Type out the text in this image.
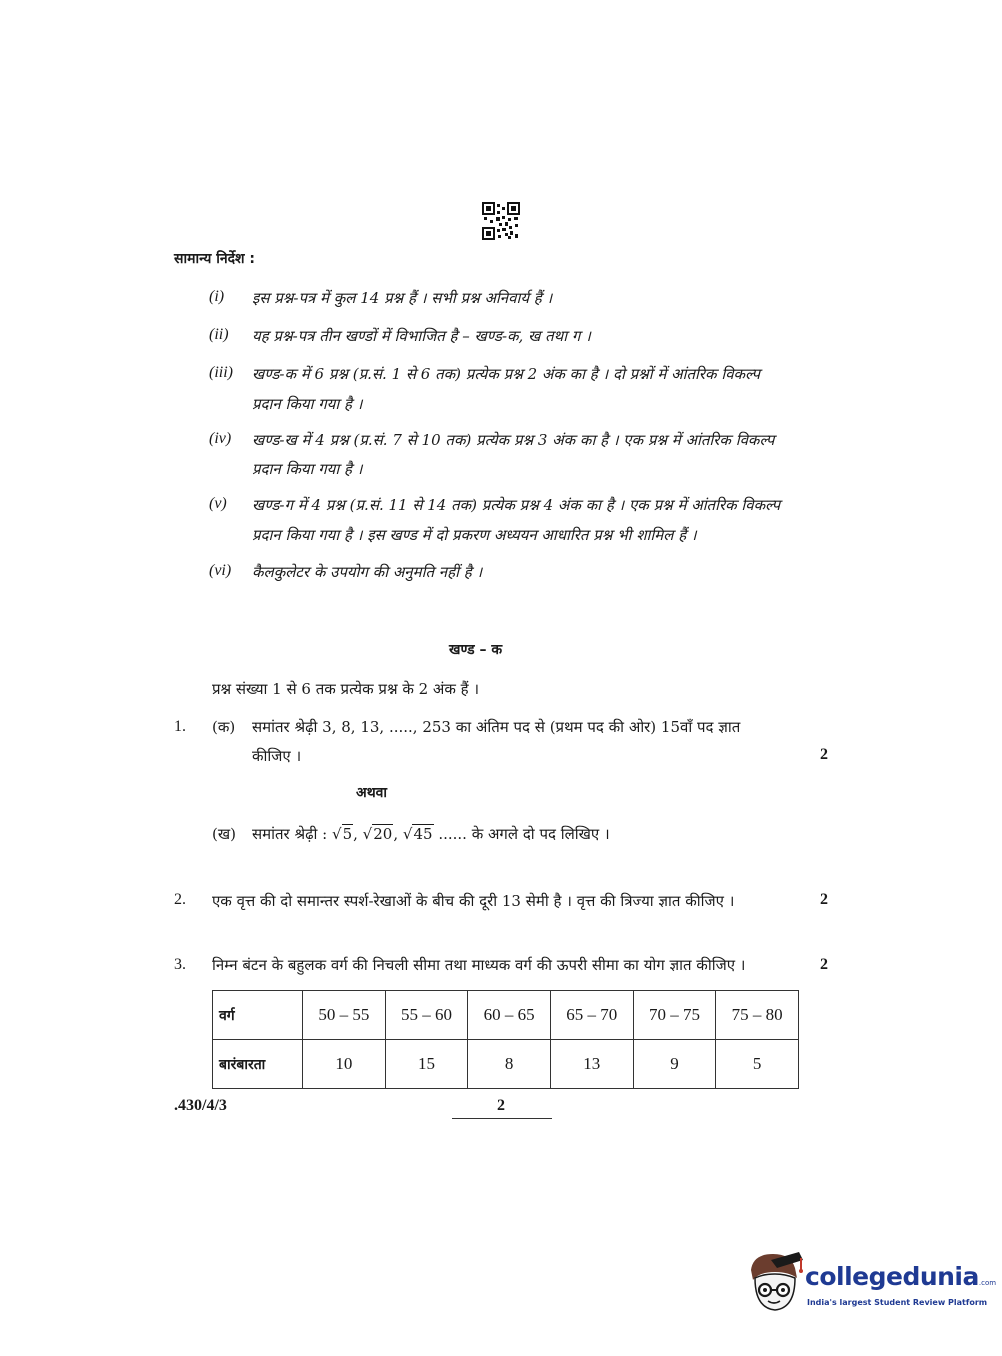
सामान्य निर्देश :
(i) इस प्रश्न-पत्र में कुल 14 प्रश्न हैं । सभी प्रश्न अनिवार्य हैं ।
(ii) यह प्रश्न-पत्र तीन खण्डों में विभाजित है – खण्ड-क, ख तथा ग ।
(iii) खण्ड-क में 6 प्रश्न (प्र.सं. 1 से 6 तक) प्रत्येक प्रश्न 2 अंक का है । दो प्रश्नों में आंतरिक विकल्प
प्रदान किया गया है ।
(iv) खण्ड-ख में 4 प्रश्न (प्र.सं. 7 से 10 तक) प्रत्येक प्रश्न 3 अंक का है । एक प्रश्न में आंतरिक विकल्प
प्रदान किया गया है ।
(v) खण्ड-ग में 4 प्रश्न (प्र.सं. 11 से 14 तक) प्रत्येक प्रश्न 4 अंक का है । एक प्रश्न में आंतरिक विकल्प
प्रदान किया गया है । इस खण्ड में दो प्रकरण अध्ययन आधारित प्रश्न भी शामिल हैं ।
(vi) कैलकुलेटर के उपयोग की अनुमति नहीं है ।
खण्ड – क
प्रश्न संख्या 1 से 6 तक प्रत्येक प्रश्न के 2 अंक हैं ।
1. (क) समांतर श्रेढ़ी 3, 8, 13, ....., 253 का अंतिम पद से (प्रथम पद की ओर) 15वाँ पद ज्ञात
कीजिए ।	2
अथवा
(ख) समांतर श्रेढ़ी : √5, √20, √45 ...... के अगले दो पद लिखिए ।
2. एक वृत्त की दो समान्तर स्पर्श-रेखाओं के बीच की दूरी 13 सेमी है । वृत्त की त्रिज्या ज्ञात कीजिए ।	2
3. निम्न बंटन के बहुलक वर्ग की निचली सीमा तथा माध्यक वर्ग की ऊपरी सीमा का योग ज्ञात कीजिए ।	2
वर्ग	50 – 55	55 – 60	60 – 65	65 – 70	70 – 75	75 – 80
बारंबारता	10	15	8	13	9	5
.430/4/3	2
collegedunia.com
India's largest Student Review Platform
